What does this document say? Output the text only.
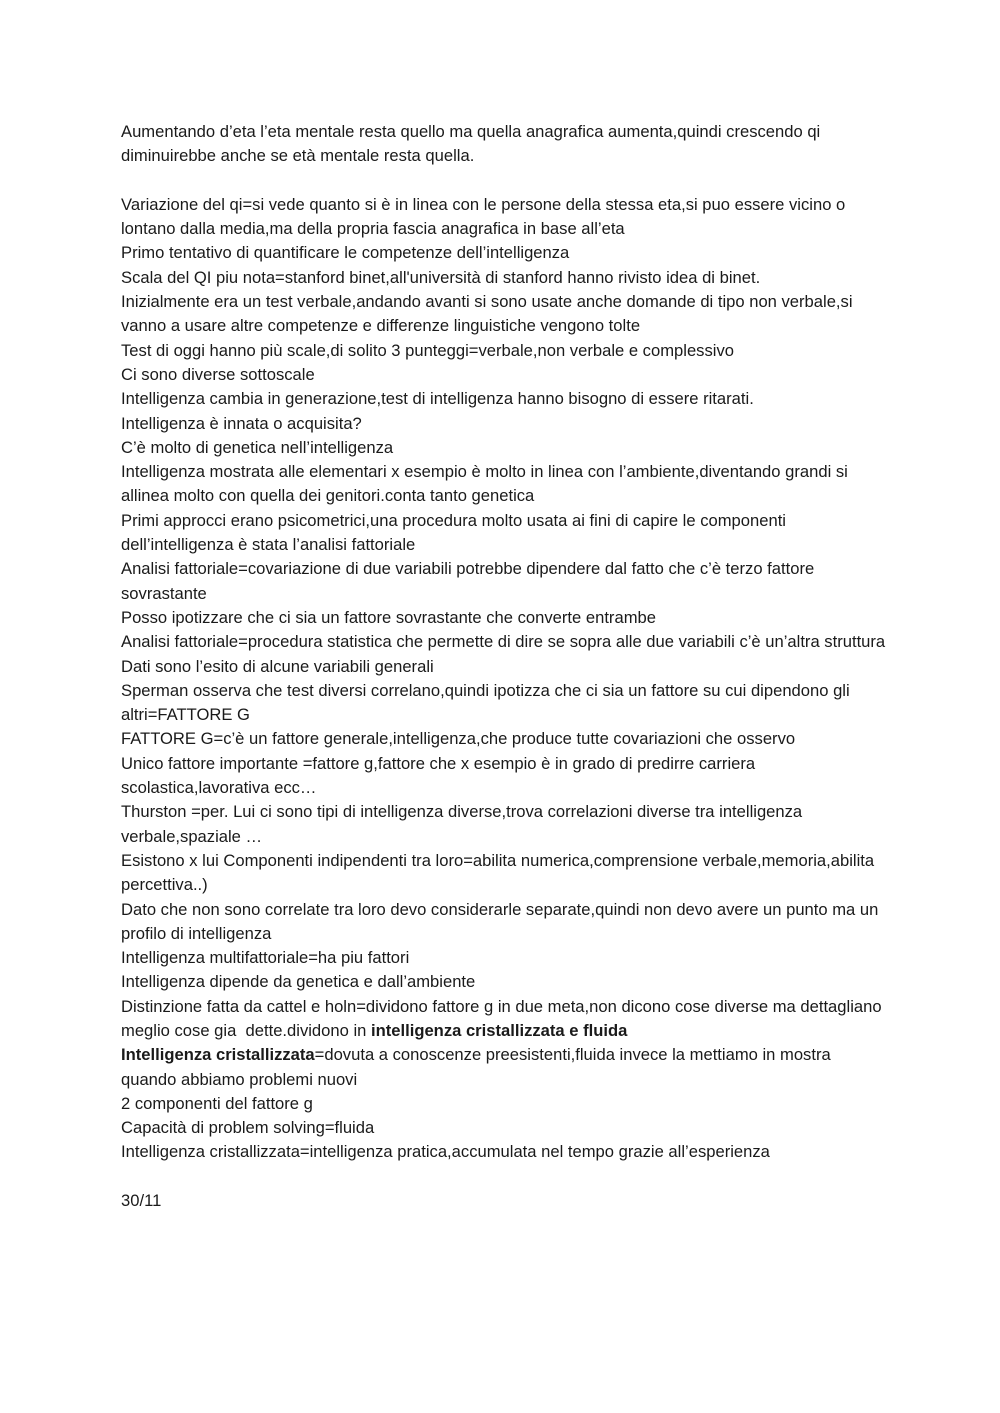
Aumentando d’eta l’eta mentale resta quello ma quella anagrafica aumenta,quindi crescendo qi diminuirebbe anche se età mentale resta quella.

Variazione del qi=si vede quanto si è in linea con le persone della stessa eta,si puo essere vicino o lontano dalla media,ma della propria fascia anagrafica in base all’eta

Primo tentativo di quantificare le competenze dell’intelligenza

Scala del QI piu nota=stanford binet,all'università di stanford hanno rivisto idea di binet.

Inizialmente era un test verbale,andando avanti si sono usate anche domande di tipo non verbale,si vanno a usare altre competenze e differenze linguistiche vengono tolte

Test di oggi hanno più scale,di solito 3 punteggi=verbale,non verbale e complessivo

Ci sono diverse sottoscale

Intelligenza cambia in generazione,test di intelligenza hanno bisogno di essere ritarati.

Intelligenza è innata o acquisita?

C’è molto di genetica nell’intelligenza

Intelligenza mostrata alle elementari x esempio è molto in linea con l’ambiente,diventando grandi si allinea molto con quella dei genitori.conta tanto genetica

Primi approcci erano psicometrici,una procedura molto usata ai fini di capire le componenti dell’intelligenza è stata l’analisi fattoriale

Analisi fattoriale=covariazione di due variabili potrebbe dipendere dal fatto che c’è terzo fattore sovrastante

Posso ipotizzare che ci sia un fattore sovrastante che converte entrambe

Analisi fattoriale=procedura statistica che permette di dire se sopra alle due variabili c’è un’altra struttura

Dati sono l’esito di alcune variabili generali

Sperman osserva che test diversi correlano,quindi ipotizza che ci sia un fattore su cui dipendono gli altri=FATTORE G

FATTORE G=c’è un fattore generale,intelligenza,che produce tutte covariazioni che osservo

Unico fattore importante =fattore g,fattore che x esempio è in grado di predirre carriera scolastica,lavorativa ecc…

Thurston =per. Lui ci sono tipi di intelligenza diverse,trova correlazioni diverse tra intelligenza verbale,spaziale …

Esistono x lui Componenti indipendenti tra loro=abilita numerica,comprensione verbale,memoria,abilita percettiva..)

Dato che non sono correlate tra loro devo considerarle separate,quindi non devo avere un punto ma un profilo di intelligenza

Intelligenza multifattoriale=ha piu fattori

Intelligenza dipende da genetica e dall’ambiente

Distinzione fatta da cattel e holn=dividono fattore g in due meta,non dicono cose diverse ma dettagliano meglio cose gia  dette.dividono in intelligenza cristallizzata e fluida

Intelligenza cristallizzata=dovuta a conoscenze preesistenti,fluida invece la mettiamo in mostra quando abbiamo problemi nuovi

2 componenti del fattore g

Capacità di problem solving=fluida

Intelligenza cristallizzata=intelligenza pratica,accumulata nel tempo grazie all’esperienza

30/11
